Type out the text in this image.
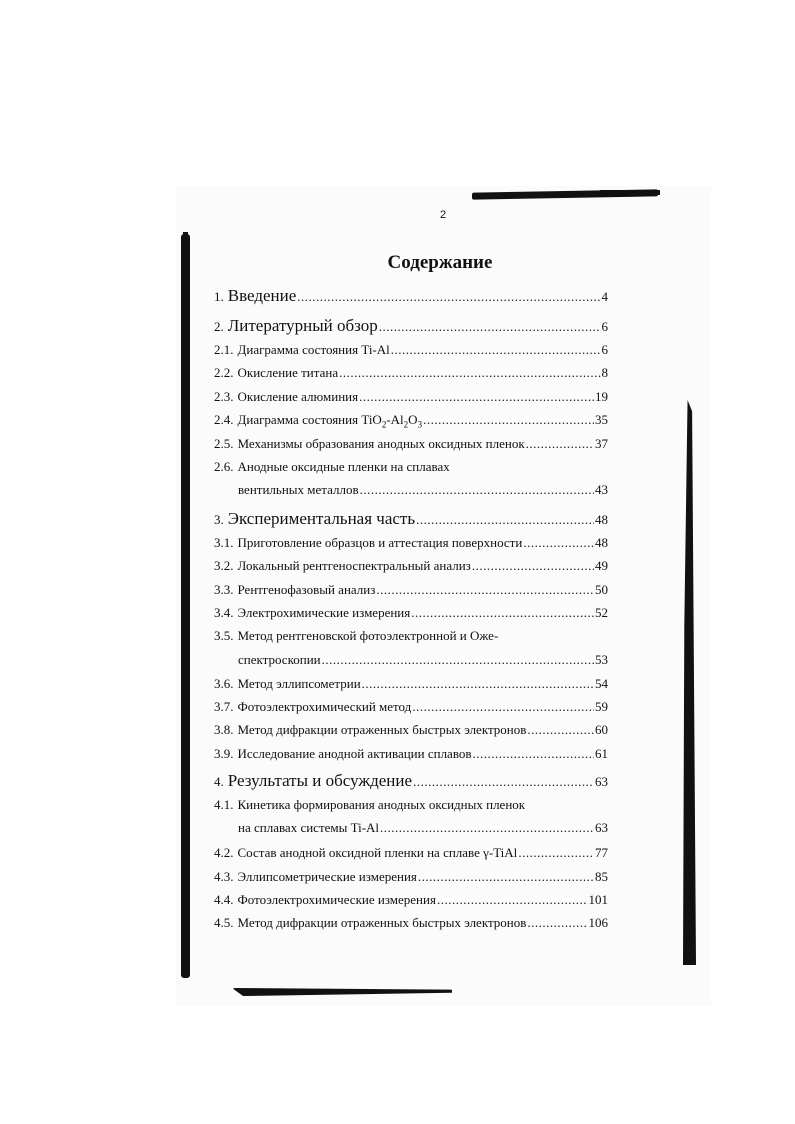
2
Содержание
1. Введение .....	4
2. Литературный обзор .....	6
2.1. Диаграмма состояния Ti-Al .....	6
2.2. Окисление титана .....	8
2.3. Окисление алюминия .....	19
2.4. Диаграмма состояния $TiO_2-Al_2O_3$ .....	35
2.5. Механизмы образования анодных оксидных пленок .....	37
2.6. Анодные оксидные пленки на сплавах
вентильных металлов .....	43
3. Экспериментальная часть .....	48
3.1. Приготовление образцов и аттестация поверхности .....	48
3.2. Локальный рентгеноспектральный анализ .....	49
3.3. Рентгенофазовый анализ .....	50
3.4. Электрохимические измерения .....	52
3.5. Метод рентгеновской фотоэлектронной и Оже-
спектроскопии .....	53
3.6. Метод эллипсометрии .....	54
3.7. Фотоэлектрохимический метод .....	59
3.8. Метод дифракции отраженных быстрых электронов .....	60
3.9. Исследование анодной активации сплавов .....	61
4. Результаты и обсуждение .....	63
4.1. Кинетика формирования анодных оксидных пленок
на сплавах системы Ti-Al .....	63
4.2. Состав анодной оксидной пленки на сплаве γ-TiAl .....	77
4.3. Эллипсометрические измерения .....	85
4.4. Фотоэлектрохимические измерения .....	101
4.5. Метод дифракции отраженных быстрых электронов .....	106
